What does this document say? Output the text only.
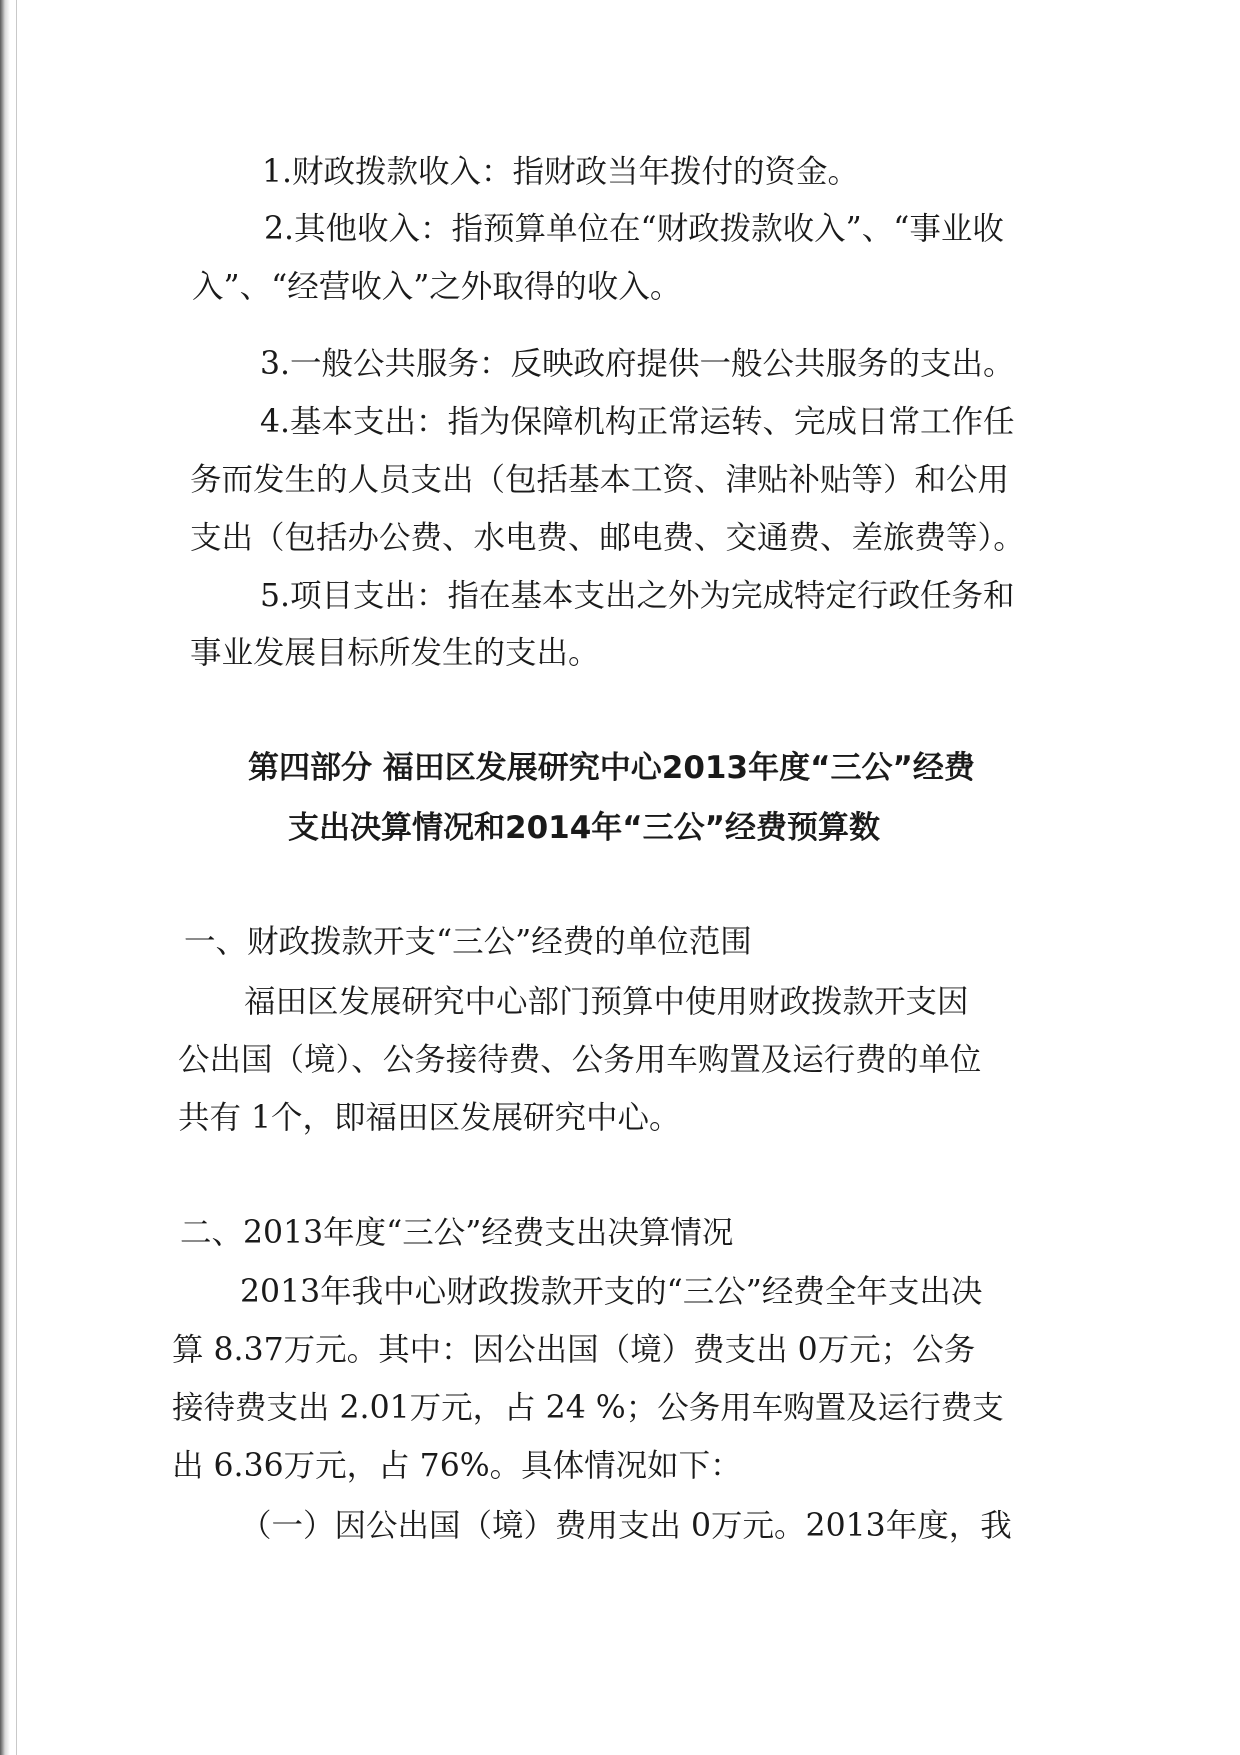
1.财政拨款收入：指财政当年拨付的资金。
2.其他收入：指预算单位在“财政拨款收入”、“事业收
入”、“经营收入”之外取得的收入。
3.一般公共服务：反映政府提供一般公共服务的支出。
4.基本支出：指为保障机构正常运转、完成日常工作任
务而发生的人员支出（包括基本工资、津贴补贴等）和公用
支出（包括办公费、水电费、邮电费、交通费、差旅费等）。
5.项目支出：指在基本支出之外为完成特定行政任务和
事业发展目标所发生的支出。
第四部分 福田区发展研究中心2013年度“三公”经费
支出决算情况和2014年“三公”经费预算数
一、财政拨款开支“三公”经费的单位范围
福田区发展研究中心部门预算中使用财政拨款开支因
公出国（境）、公务接待费、公务用车购置及运行费的单位
共有 1个，即福田区发展研究中心。
二、2013年度“三公”经费支出决算情况
2013年我中心财政拨款开支的“三公”经费全年支出决
算 8.37万元。其中：因公出国（境）费支出 0万元；公务
接待费支出 2.01万元，占 24 %；公务用车购置及运行费支
出 6.36万元，占 76%。具体情况如下：
（一）因公出国（境）费用支出 0万元。2013年度，我
